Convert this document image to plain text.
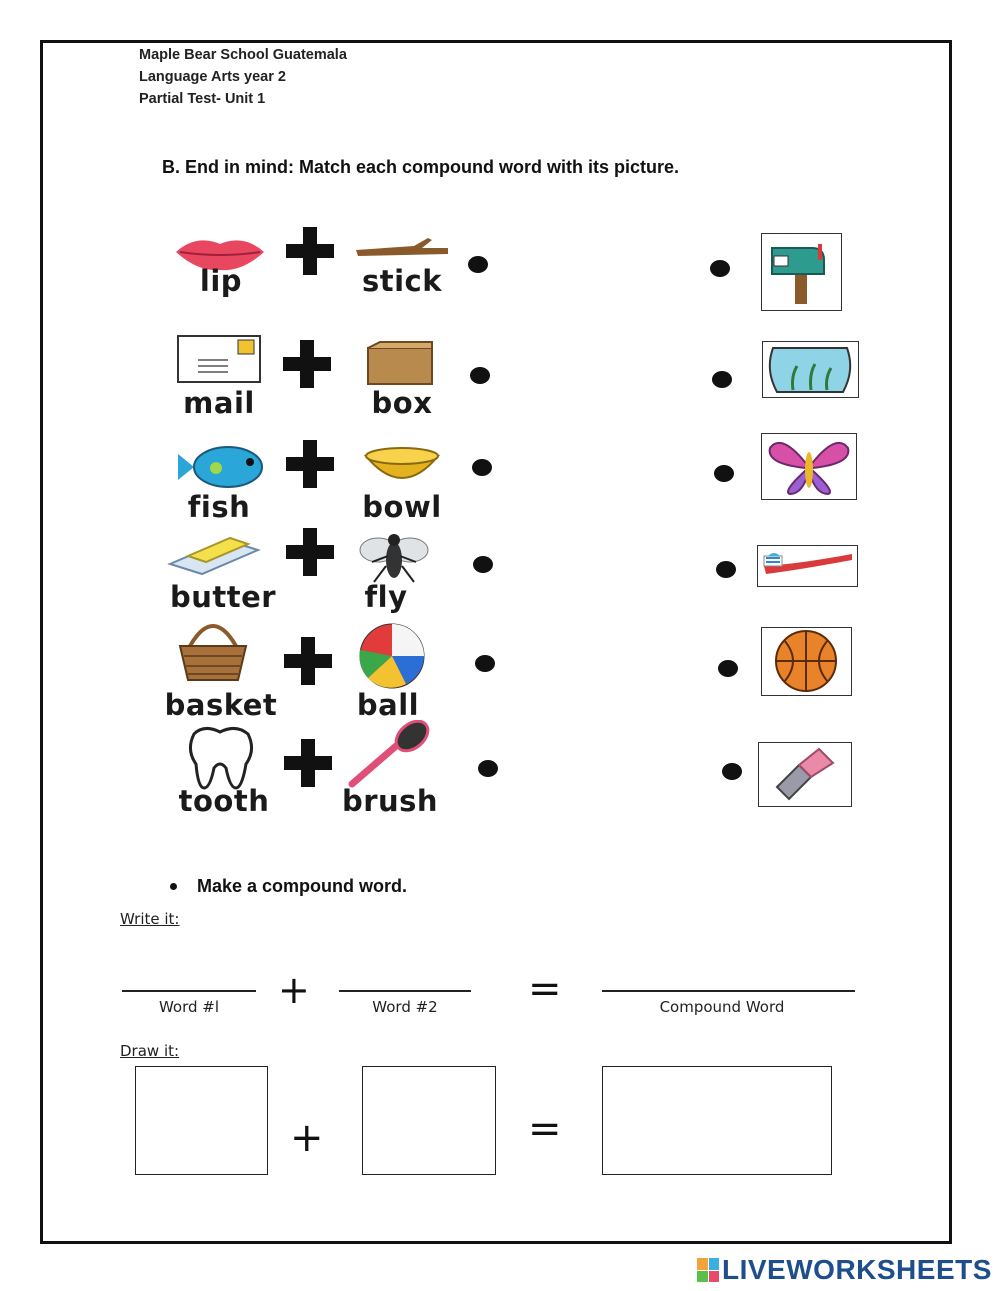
Maple Bear School Guatemala
Language Arts year 2
Partial Test- Unit 1
B. End in mind: Match each compound word with its picture.
lip	stick
mail	box
fish	bowl
butter	fly
basket	ball
tooth	brush
Make a compound word.
Write it:
Word #l	+	Word #2	=	Compound Word
Draw it:
+	=
LIVEWORKSHEETS
